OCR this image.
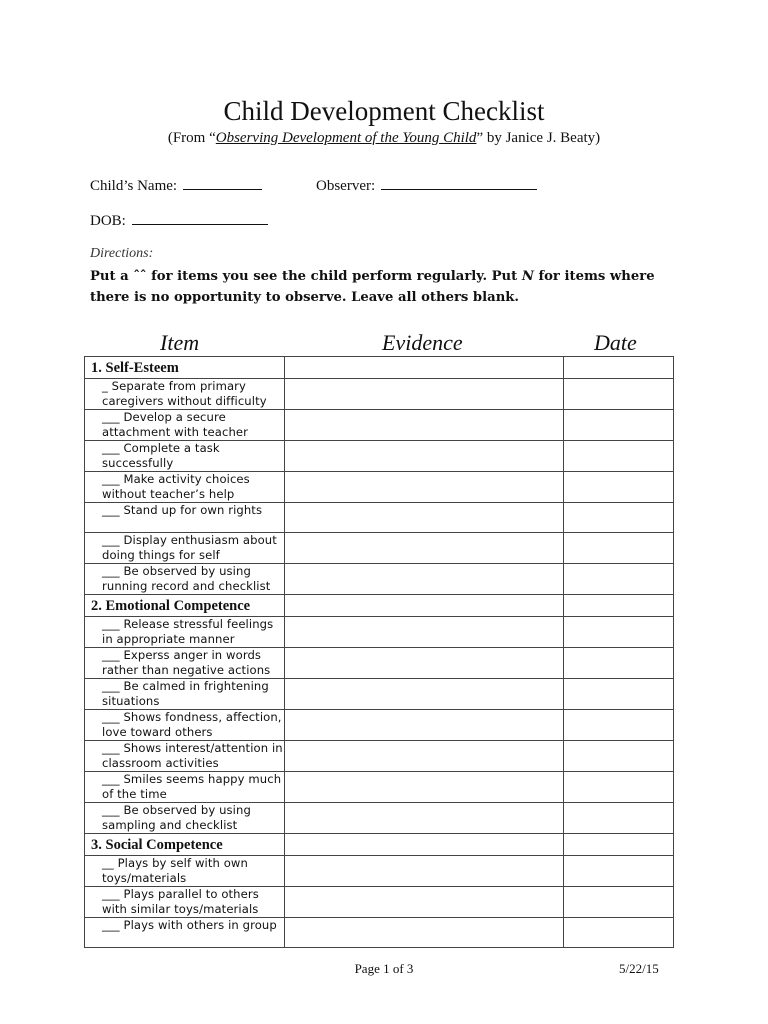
Child Development Checklist
(From “Observing Development of the Young Child” by Janice J. Beaty)
Child’s Name:	Observer:
DOB:
Directions:
Put a ˆˆ for items you see the child perform regularly. Put N for items where there is no opportunity to observe. Leave all others blank.
Item	Evidence	Date
1. Self-Esteem		

_ Separate from primary caregivers without difficulty		

___ Develop a secure attachment with teacher		

___ Complete a task successfully		

___ Make activity choices without teacher’s help		

___ Stand up for own rights		

___ Display enthusiasm about doing things for self		

___ Be observed by using running record and checklist		

2. Emotional Competence		

___ Release stressful feelings in appropriate manner		

___ Experss anger in words rather than negative actions		

___ Be calmed in frightening situations		

___ Shows fondness, affection, love toward others		

___ Shows interest/attention in classroom activities		

___ Smiles seems happy much of the time		

___ Be observed by using sampling and checklist		

3. Social Competence		

__ Plays by self with own toys/materials		

___ Plays parallel to others with similar toys/materials		

___ Plays with others in group		

Page 1 of 3	5/22/15
